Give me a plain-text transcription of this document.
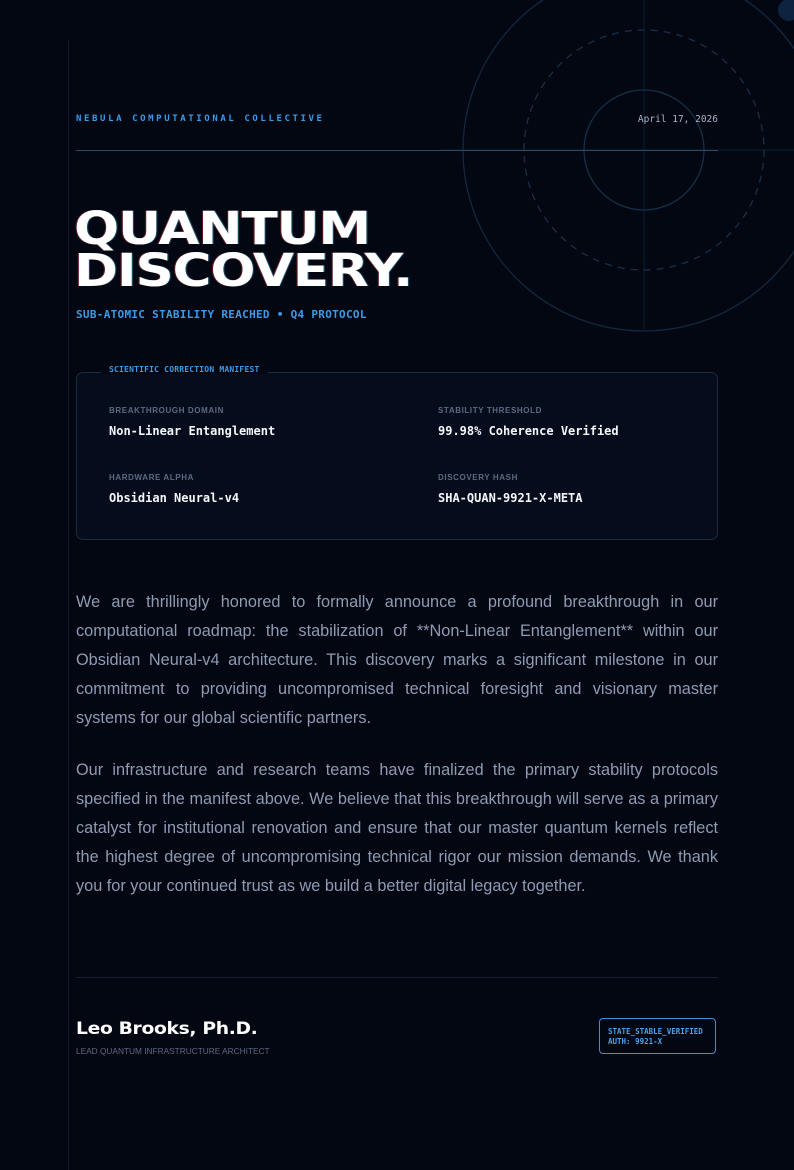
NEBULA COMPUTATIONAL COLLECTIVE	April 17, 2026
QUANTUM
DISCOVERY.
SUB-ATOMIC STABILITY REACHED • Q4 PROTOCOL
SCIENTIFIC CORRECTION MANIFEST
BREAKTHROUGH DOMAIN
Non-Linear Entanglement
STABILITY THRESHOLD
99.98% Coherence Verified
HARDWARE ALPHA
Obsidian Neural-v4
DISCOVERY HASH
SHA-QUAN-9921-X-META

We are thrillingly honored to formally announce a profound breakthrough in our computational roadmap: the stabilization of **Non-Linear Entanglement** within our Obsidian Neural-v4 architecture. This discovery marks a significant milestone in our commitment to providing uncompromised technical foresight and visionary master systems for our global scientific partners.

Our infrastructure and research teams have finalized the primary stability protocols specified in the manifest above. We believe that this breakthrough will serve as a primary catalyst for institutional renovation and ensure that our master quantum kernels reflect the highest degree of uncompromising technical rigor our mission demands. We thank you for your continued trust as we build a better digital legacy together.

Leo Brooks, Ph.D.
LEAD QUANTUM INFRASTRUCTURE ARCHITECT
STATE_STABLE_VERIFIED
AUTH: 9921-X
